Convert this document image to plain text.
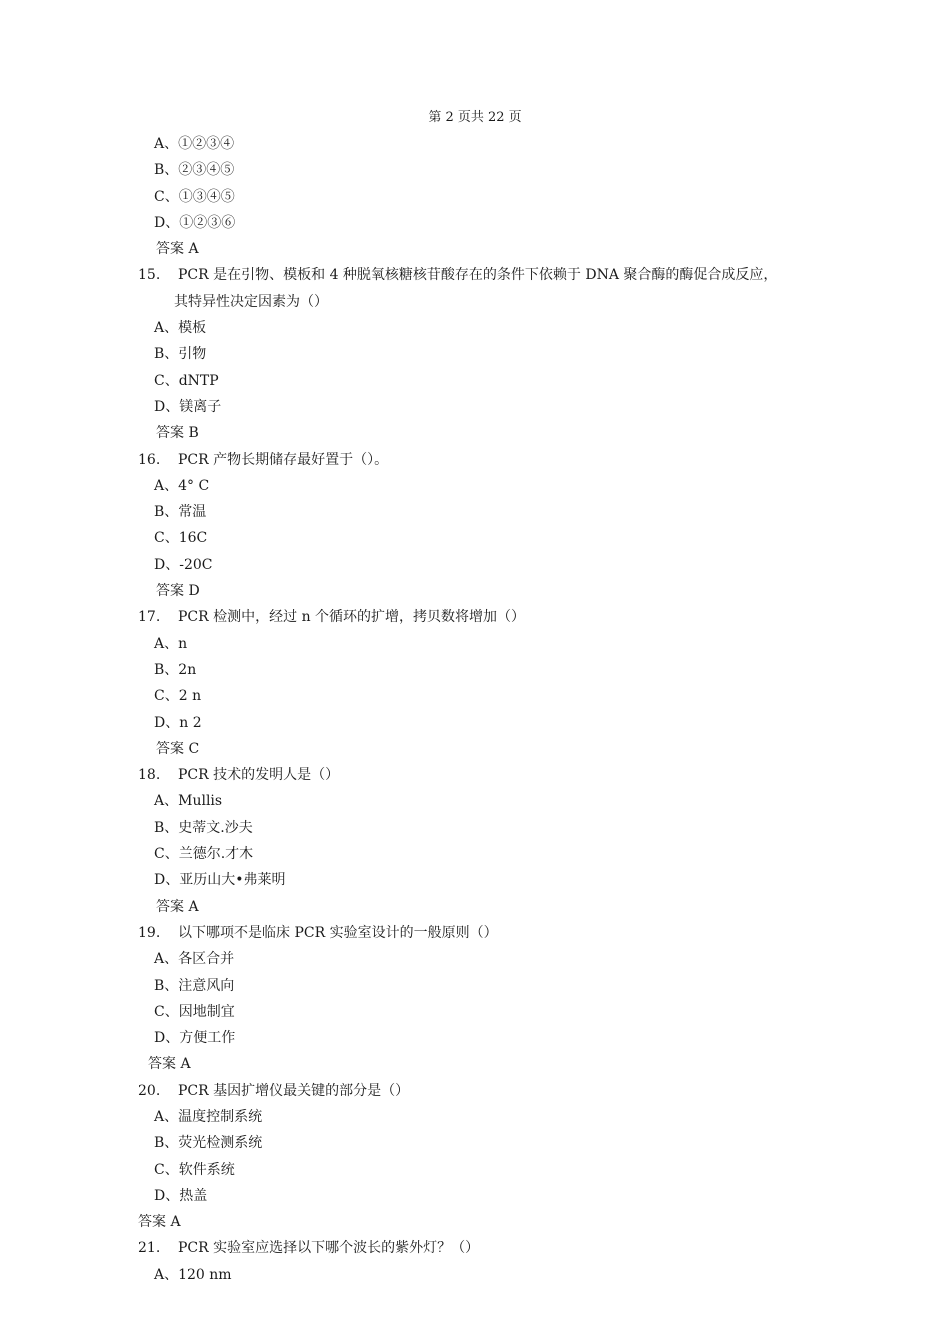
第 2 页共 22 页
A、①②③④
B、②③④⑤
C、①③④⑤
D、①②③⑥
答案 A
15. PCR 是在引物、模板和 4 种脱氧核糖核苷酸存在的条件下依赖于 DNA 聚合酶的酶促合成反应，
其特异性决定因素为（）
A、模板
B、引物
C、dNTP
D、镁离子
答案 B
16. PCR 产物长期储存最好置于（）。
A、4° C
B、常温
C、16C
D、-20C
答案 D
17. PCR 检测中，经过 n 个循环的扩增，拷贝数将增加（）
A、n
B、2n
C、2 n
D、n 2
答案 C
18. PCR 技术的发明人是（）
A、Mullis
B、史蒂文.沙夫
C、兰德尔.才木
D、亚历山大•弗莱明
答案 A
19. 以下哪项不是临床 PCR 实验室设计的一般原则（）
A、各区合并
B、注意风向
C、因地制宜
D、方便工作
答案 A
20. PCR 基因扩增仪最关键的部分是（）
A、温度控制系统
B、荧光检测系统
C、软件系统
D、热盖
答案 A
21. PCR 实验室应选择以下哪个波长的紫外灯？（）
A、120 nm
